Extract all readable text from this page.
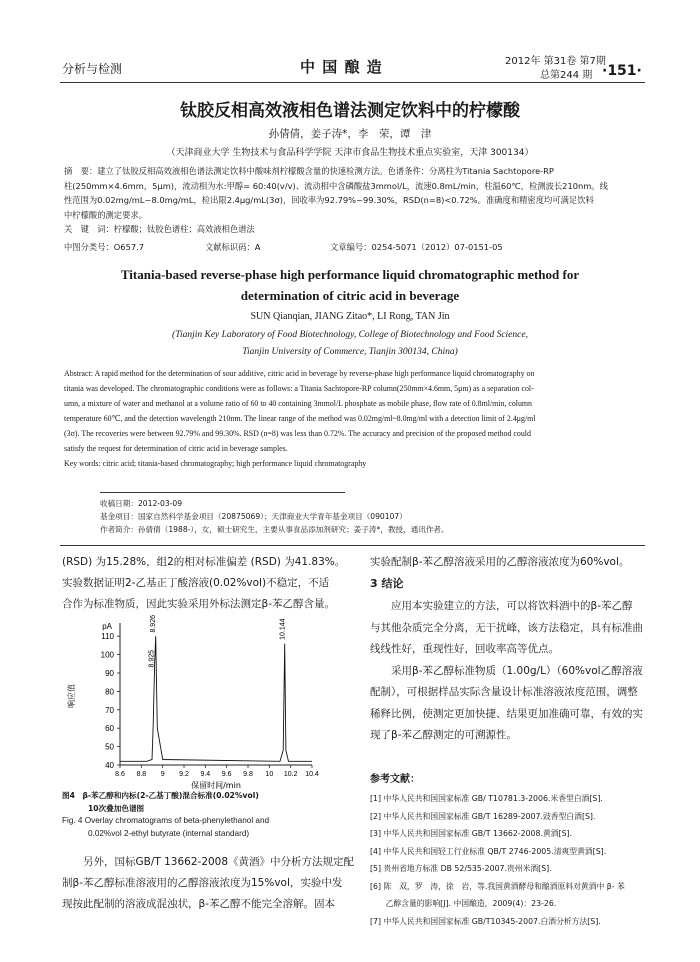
分析与检测	中 国 酿 造	2012年 第31卷 第7期
总第244 期 ·151·
钛胶反相高效液相色谱法测定饮料中的柠檬酸
孙倩倩，姜子涛*，李　荣，谭　津
（天津商业大学 生物技术与食品科学学院 天津市食品生物技术重点实验室，天津 300134）
摘　要：建立了钛胶反相高效液相色谱法测定饮料中酸味剂柠檬酸含量的快速检测方法。色谱条件：分离柱为Titania Sachtopore-RP
柱(250mm×4.6mm，5μm)，流动相为水:甲醇= 60:40(v/v)、流动相中含磷酸盐3mmol/L，流速0.8mL/min，柱温60℃，检测波长210nm。线
性范围为0.02mg/mL~8.0mg/mL，检出限2.4μg/mL(3σ)，回收率为92.79%~99.30%，RSD(n=8)<0.72%。准确度和精密度均可满足饮料
中柠檬酸的测定要求。
关　键　词：柠檬酸；钛胶色谱柱；高效液相色谱法
中图分类号：O657.7	文献标识码：A	文章编号：0254-5071（2012）07-0151-05
Titania-based reverse-phase high performance liquid chromatographic method for
determination of citric acid in beverage
SUN Qianqian, JIANG Zitao*, LI Rong, TAN Jin
(Tianjin Key Laboratory of Food Biotechnology, College of Biotechnology and Food Science,
Tianjin University of Commerce, Tianjin 300134, China)
Abstract: A rapid method for the determination of sour additive, citric acid in beverage by reverse-phase high performance liquid chromatography on
titania was developed. The chromatographic conditions were as follows: a Titania Sachtopore-RP column(250mm×4.6mm, 5μm) as a separation col-
umn, a mixture of water and methanol at a volume ratio of 60 to 40 containing 3mmol/L phosphate as mobile phase, flow rate of 0.8ml/min, column
temperature 60℃, and the detection wavelength 210nm. The linear range of the method was 0.02mg/ml~8.0mg/ml with a detection limit of 2.4μg/ml
(3σ). The recoveries were between 92.79% and 99.30%. RSD (n=8) was less than 0.72%. The accuracy and precision of the proposed method could
satisfy the request for determination of citric acid in beverage samples.
Key words: citric acid; titania-based chromatography; high performance liquid chromatography
收稿日期：2012-03-09
基金项目：国家自然科学基金项目（20875069）；天津商业大学青年基金项目（090107）
作者简介：孙倩倩（1988-），女，硕士研究生，主要从事食品添加剂研究；姜子涛*，教授，通讯作者。
(RSD) 为15.28%，组2的相对标准偏差 (RSD) 为41.83%。
实验数据证明2-乙基正丁酸溶液(0.02%vol)不稳定，不适
合作为标准物质，因此实验采用外标法测定β-苯乙醇含量。
pA
40
50
60
70
80
90
100
110
8.6 8.8 9 9.2 9.4 9.6 9.8 10 10.2 10.4
响应值
保留时间/min
8.926
8.925
10.144
图4　β-苯乙醇和内标(2-乙基丁酸)混合标准(0.02%vol)
10次叠加色谱图
Fig. 4 Overlay chromatograms of beta-phenylethanol and
0.02%vol 2-ethyl butyrate (internal standard)
　　另外，国标GB/T 13662-2008《黄酒》中分析方法规定配
制β-苯乙醇标准溶液用的乙醇溶液浓度为15%vol，实验中发
现按此配制的溶液成混浊状，β-苯乙醇不能完全溶解。固本
实验配制β-苯乙醇溶液采用的乙醇溶液浓度为60%vol。
3 结论
　　应用本实验建立的方法，可以将饮料酒中的β-苯乙醇
与其他杂质完全分离，无干扰峰，该方法稳定，具有标准曲
线线性好，重现性好，回收率高等优点。
　　采用β-苯乙醇标准物质（1.00g/L）（60%vol乙醇溶液
配制），可根据样品实际含量设计标准溶液浓度范围，调整
稀释比例，使测定更加快捷、结果更加准确可靠，有效的实
现了β-苯乙醇测定的可溯源性。
参考文献：
[1] 中华人民共和国国家标准 GB/ T10781.3-2006.米香型白酒[S].
[2] 中华人民共和国国家标准 GB/T 16289-2007.豉香型白酒[S].
[3] 中华人民共和国国家标准 GB/T 13662-2008.黄酒[S].
[4] 中华人民共和国轻工行业标准 QB/T 2746-2005.清爽型黄酒[S].
[5] 贵州省地方标准 DB 52/535-2007.贵州米酒[S].
[6] 陈　双，罗　涛，徐　岩，等.我国黄酒酵母和酿酒原料对黄酒中 β- 苯
　　乙醇含量的影响[J]. 中国酿造，2009(4)：23-26.
[7] 中华人民共和国国家标准 GB/T10345-2007.白酒分析方法[S].
